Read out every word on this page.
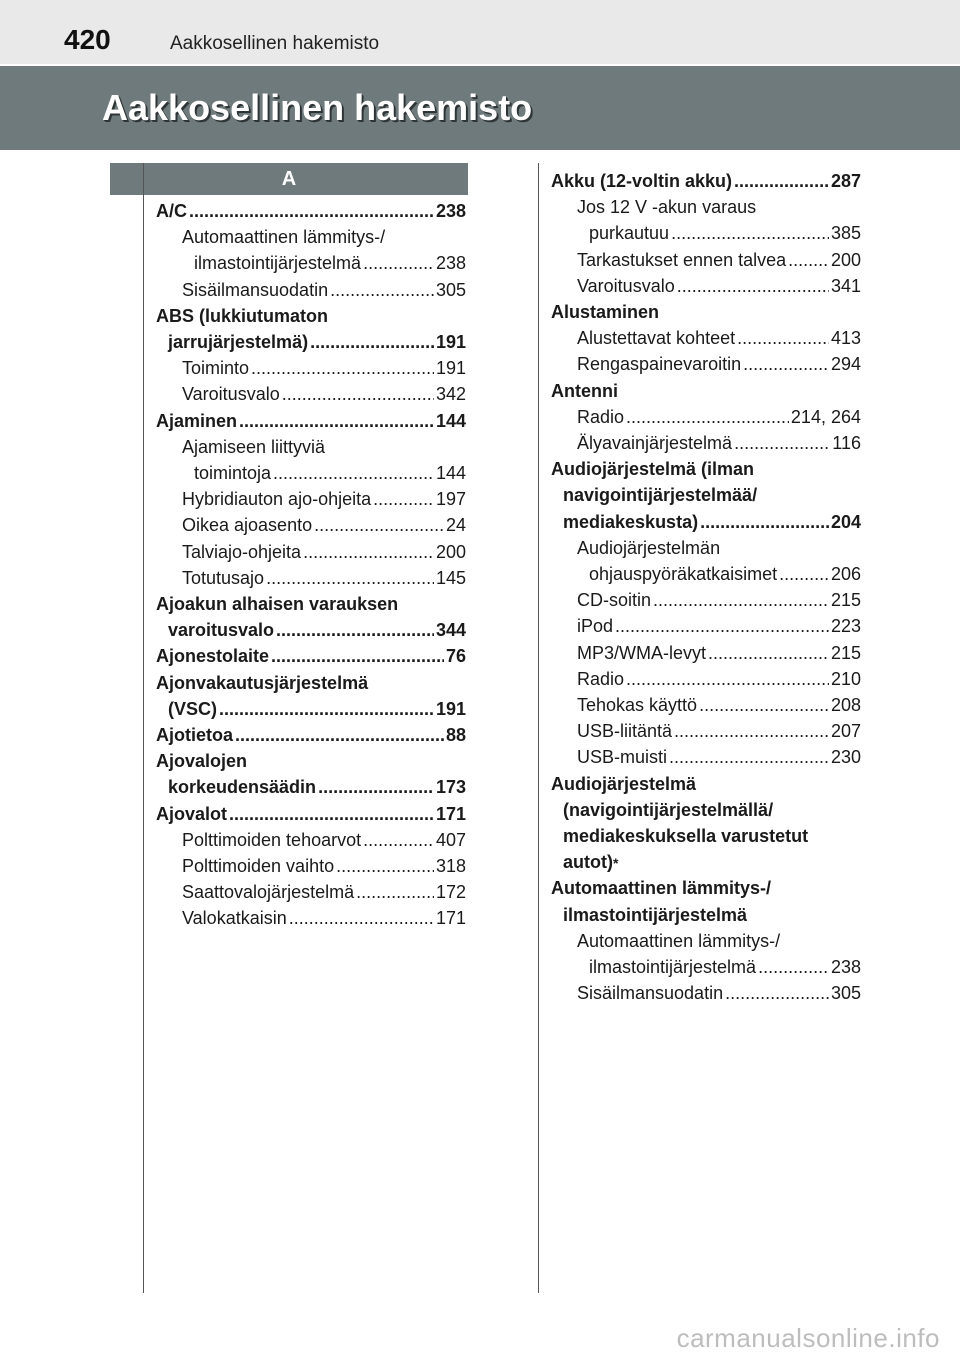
420	Aakkosellinen hakemisto
Aakkosellinen hakemisto
A
A/C .....	238
Automaattinen lämmitys-/
ilmastointijärjestelmä .....	238
Sisäilmansuodatin .....	305
ABS (lukkiutumaton
jarrujärjestelmä) .....	191
Toiminto .....	191
Varoitusvalo .....	342
Ajaminen .....	144
Ajamiseen liittyviä
toimintoja .....	144
Hybridiauton ajo-ohjeita .....	197
Oikea ajoasento .....	24
Talviajo-ohjeita .....	200
Totutusajo .....	145
Ajoakun alhaisen varauksen
varoitusvalo .....	344
Ajonestolaite .....	76
Ajonvakautusjärjestelmä
(VSC) .....	191
Ajotietoa .....	88
Ajovalojen
korkeudensäädin .....	173
Ajovalot .....	171
Polttimoiden tehoarvot .....	407
Polttimoiden vaihto .....	318
Saattovalojärjestelmä .....	172
Valokatkaisin .....	171
Akku (12-voltin akku) .....	287
Jos 12 V -akun varaus
purkautuu .....	385
Tarkastukset ennen talvea ..... 200
Varoitusvalo .....	341
Alustaminen
Alustettavat kohteet .....	413
Rengaspainevaroitin .....	294
Antenni
Radio .....	214, 264
Älyavainjärjestelmä .....	116
Audiojärjestelmä (ilman
navigointijärjestelmää/
mediakeskusta) .....	204
Audiojärjestelmän
ohjauspyöräkatkaisimet .....	206
CD-soitin .....	215
iPod .....	223
MP3/WMA-levyt .....	215
Radio .....	210
Tehokas käyttö .....	208
USB-liitäntä .....	207
USB-muisti .....	230
Audiojärjestelmä
(navigointijärjestelmällä/
mediakeskuksella varustetut
autot) *
Automaattinen lämmitys-/
ilmastointijärjestelmä
Automaattinen lämmitys-/
ilmastointijärjestelmä .....	238
Sisäilmansuodatin .....	305
carmanualsonline.info
